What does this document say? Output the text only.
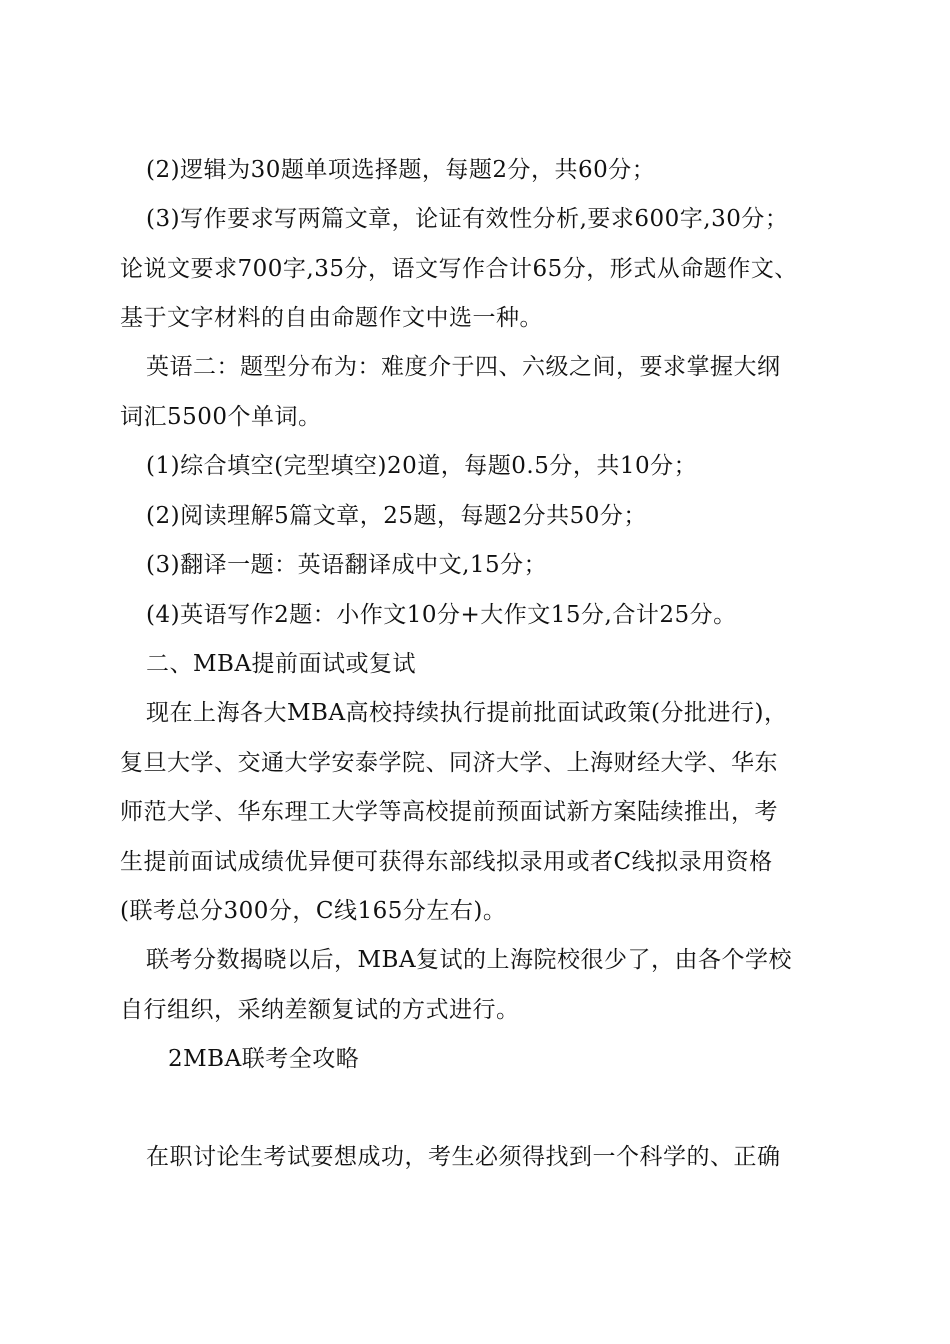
(2)逻辑为30题单项选择题，每题2分，共60分；
(3)写作要求写两篇文章，论证有效性分析,要求600字,30分；
论说文要求700字,35分，语文写作合计65分，形式从命题作文、
基于文字材料的自由命题作文中选一种。
英语二：题型分布为：难度介于四、六级之间，要求掌握大纲
词汇5500个单词。
(1)综合填空(完型填空)20道，每题0.5分，共10分；
(2)阅读理解5篇文章，25题，每题2分共50分；
(3)翻译一题：英语翻译成中文,15分；
(4)英语写作2题：小作文10分+大作文15分,合计25分。
二、MBA提前面试或复试
现在上海各大MBA高校持续执行提前批面试政策(分批进行)，
复旦大学、交通大学安泰学院、同济大学、上海财经大学、华东
师范大学、华东理工大学等高校提前预面试新方案陆续推出，考
生提前面试成绩优异便可获得东部线拟录用或者C线拟录用资格
(联考总分300分，C线165分左右)。
联考分数揭晓以后，MBA复试的上海院校很少了，由各个学校
自行组织，采纳差额复试的方式进行。
2MBA联考全攻略
在职讨论生考试要想成功，考生必须得找到一个科学的、正确
